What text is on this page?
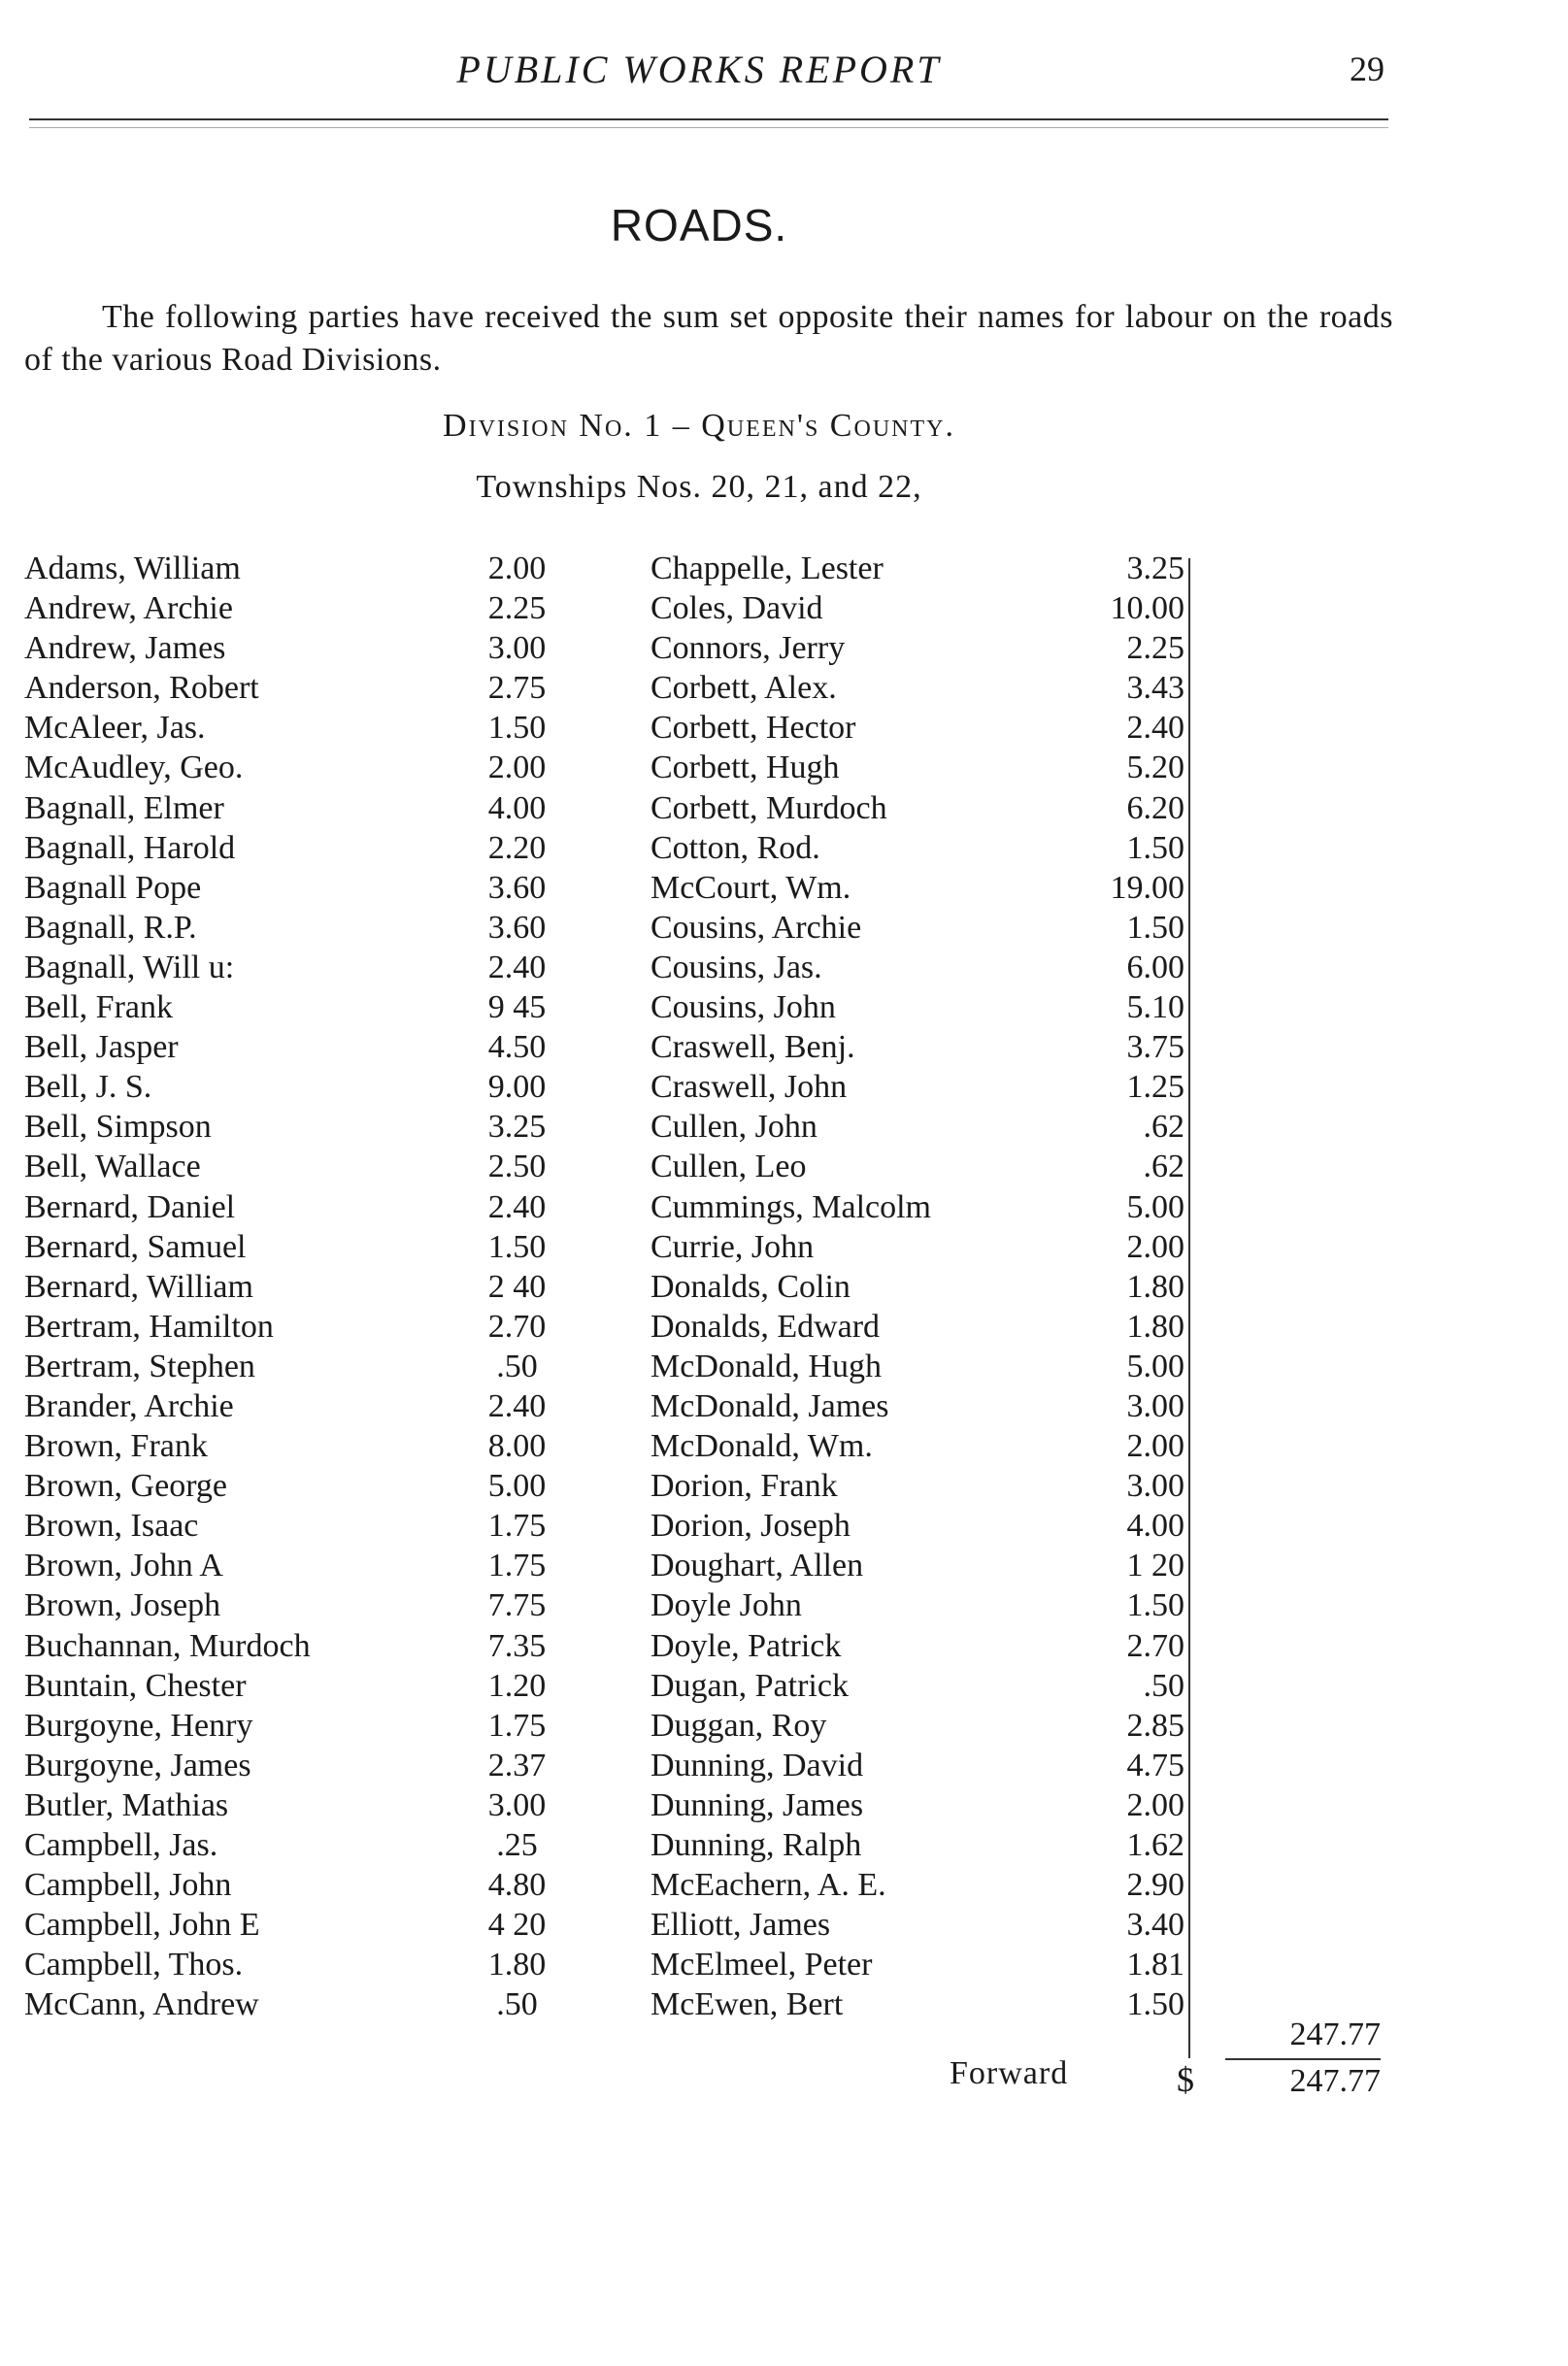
PUBLIC WORKS REPORT	29
ROADS.
The following parties have received the sum set opposite their names for labour on the roads of the various Road Divisions.
Division No. 1 – Queen's County.
Townships Nos. 20, 21, and 22,
Adams, William	2.00
Andrew, Archie	2.25
Andrew, James	3.00
Anderson, Robert	2.75
McAleer, Jas.	1.50
McAudley, Geo.	2.00
Bagnall, Elmer	4.00
Bagnall, Harold	2.20
Bagnall Pope	3.60
Bagnall, R.P.	3.60
Bagnall, Will u:	2.40
Bell, Frank	9 45
Bell, Jasper	4.50
Bell, J. S.	9.00
Bell, Simpson	3.25
Bell, Wallace	2.50
Bernard, Daniel	2.40
Bernard, Samuel	1.50
Bernard, William	2 40
Bertram, Hamilton	2.70
Bertram, Stephen	.50
Brander, Archie	2.40
Brown, Frank	8.00
Brown, George	5.00
Brown, Isaac	1.75
Brown, John A	1.75
Brown, Joseph	7.75
Buchannan, Murdoch	7.35
Buntain, Chester	1.20
Burgoyne, Henry	1.75
Burgoyne, James	2.37
Butler, Mathias	3.00
Campbell, Jas.	.25
Campbell, John	4.80
Campbell, John E	4 20
Campbell, Thos.	1.80
McCann, Andrew	.50
Chappelle, Lester	3.25
Coles, David	10.00
Connors, Jerry	2.25
Corbett, Alex.	3.43
Corbett, Hector	2.40
Corbett, Hugh	5.20
Corbett, Murdoch	6.20
Cotton, Rod.	1.50
McCourt, Wm.	19.00
Cousins, Archie	1.50
Cousins, Jas.	6.00
Cousins, John	5.10
Craswell, Benj.	3.75
Craswell, John	1.25
Cullen, John	.62
Cullen, Leo	.62
Cummings, Malcolm	5.00
Currie, John	2.00
Donalds, Colin	1.80
Donalds, Edward	1.80
McDonald, Hugh	5.00
McDonald, James	3.00
McDonald, Wm.	2.00
Dorion, Frank	3.00
Dorion, Joseph	4.00
Doughart, Allen	1 20
Doyle John	1.50
Doyle, Patrick	2.70
Dugan, Patrick	.50
Duggan, Roy	2.85
Dunning, David	4.75
Dunning, James	2.00
Dunning, Ralph	1.62
McEachern, A. E.	2.90
Elliott, James	3.40
McElmeel, Peter	1.81
McEwen, Bert	1.50
247.77
Forward	$	247.77
